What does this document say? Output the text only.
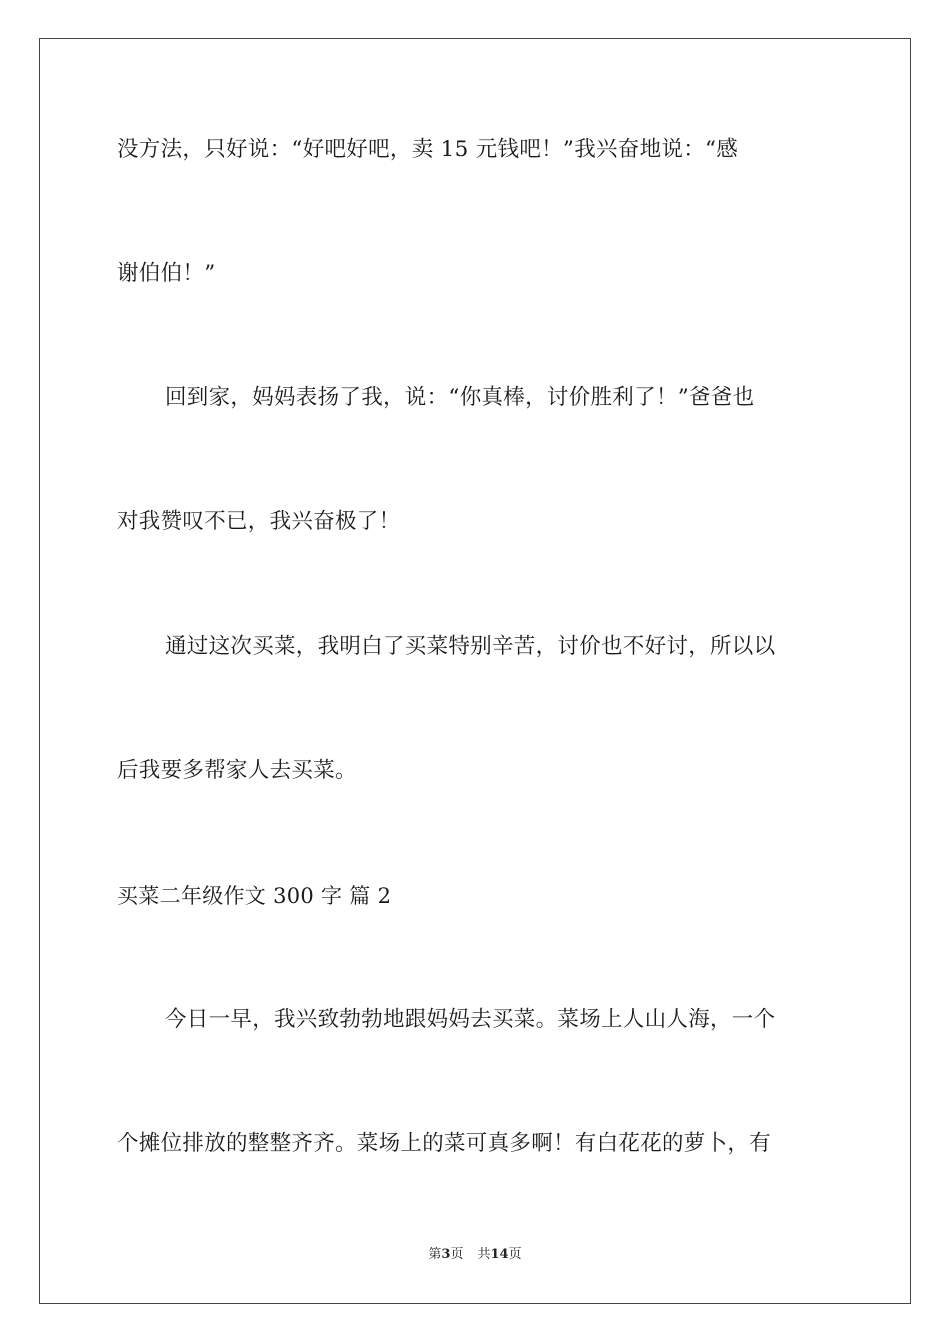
没方法，只好说：“好吧好吧，卖 15 元钱吧！”我兴奋地说：“感
谢伯伯！”
回到家，妈妈表扬了我，说：“你真棒，讨价胜利了！”爸爸也
对我赞叹不已，我兴奋极了！
通过这次买菜，我明白了买菜特别辛苦，讨价也不好讨，所以以
后我要多帮家人去买菜。
买菜二年级作文 300 字 篇 2
今日一早，我兴致勃勃地跟妈妈去买菜。菜场上人山人海，一个
个摊位排放的整整齐齐。菜场上的菜可真多啊！有白花花的萝卜，有
第3页 共14页
